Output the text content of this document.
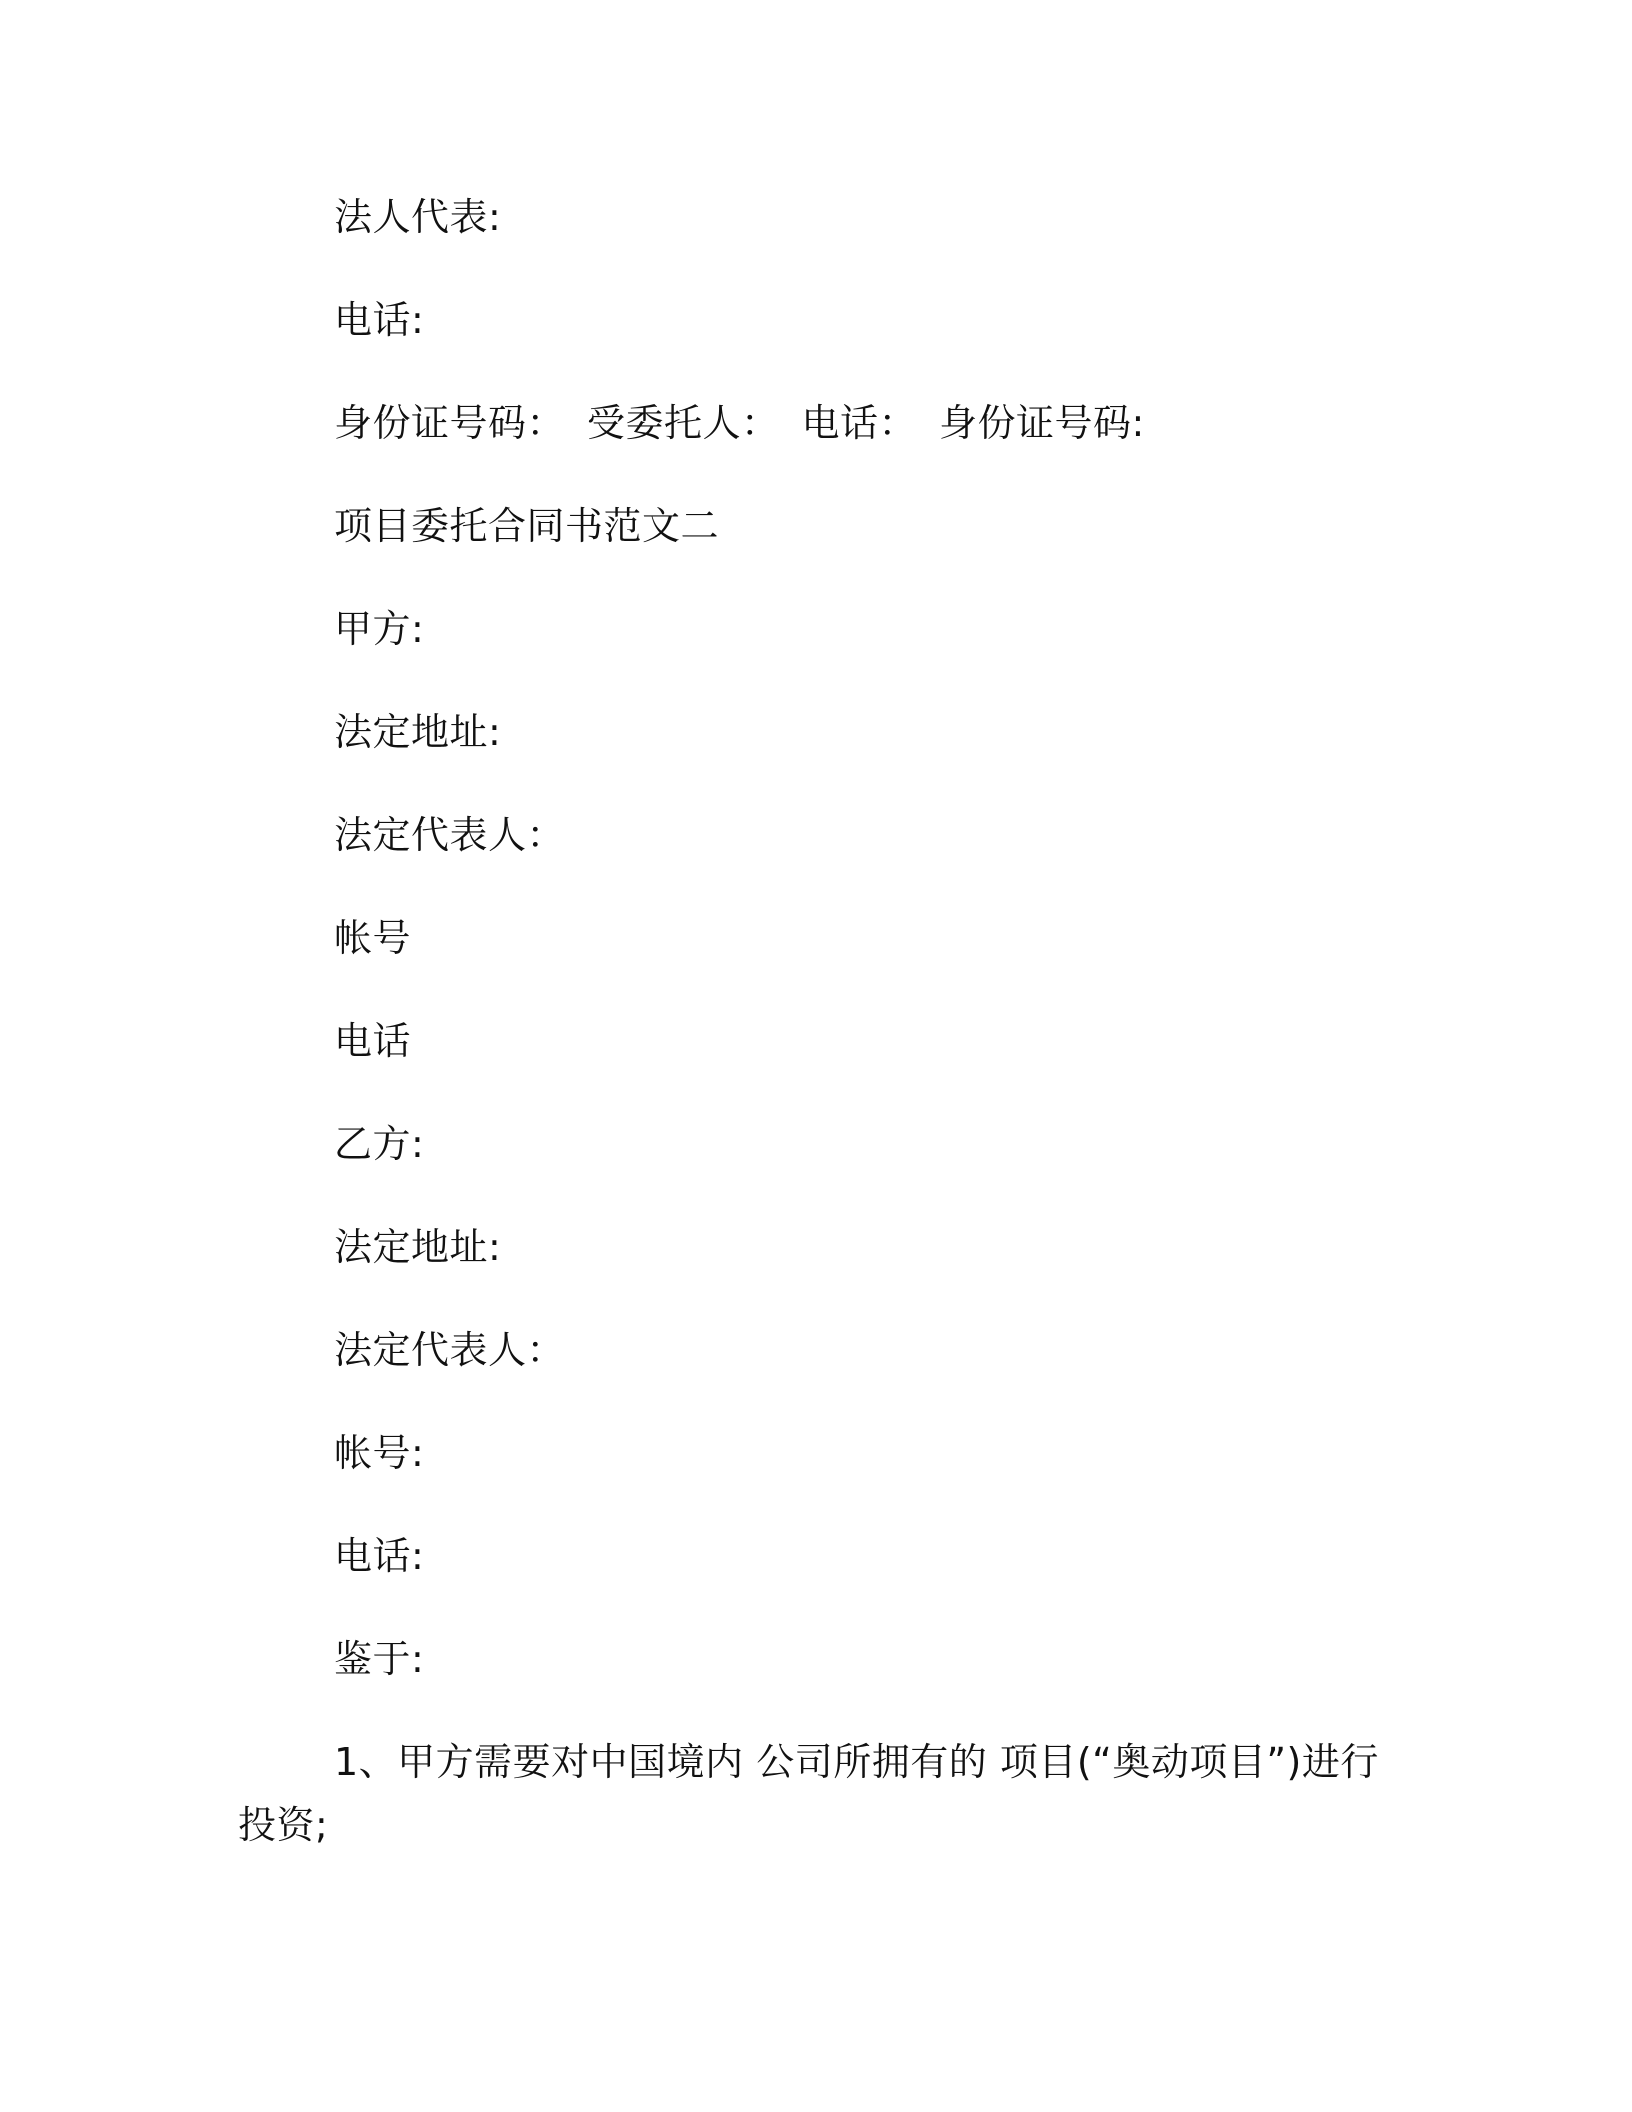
法人代表:
电话:
身份证号码： 受委托人： 电话： 身份证号码:
项目委托合同书范文二
甲方:
法定地址:
法定代表人：
帐号
电话
乙方:
法定地址:
法定代表人：
帐号:
电话:
鉴于:
1、甲方需要对中国境内 公司所拥有的 项目(“奥动项目”)进行
投资;
